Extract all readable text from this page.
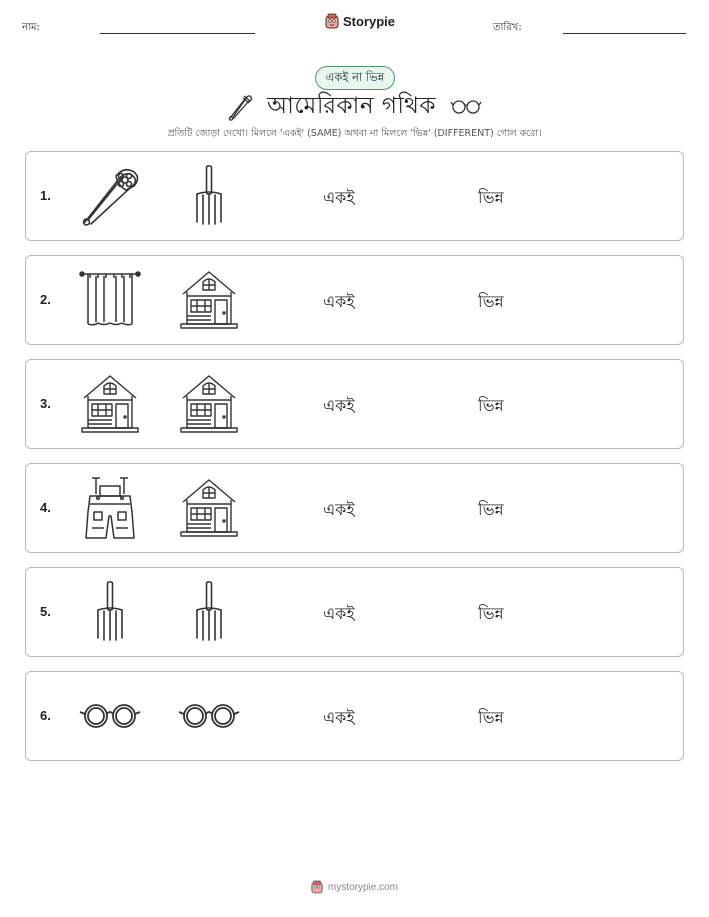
নাম:	Storypie	তারিখ:
একই না ভিন্ন
আমেরিকান গথিক
প্রতিটি জোড়া দেখো। মিললে 'একই' (SAME) অথবা না মিললে 'ভিন্ন' (DIFFERENT) গোল করো।
1.	একই	ভিন্ন
2.	একই	ভিন্ন
3.	একই	ভিন্ন
4.	একই	ভিন্ন
5.	একই	ভিন্ন
6.	একই	ভিন্ন
mystorypie.com
